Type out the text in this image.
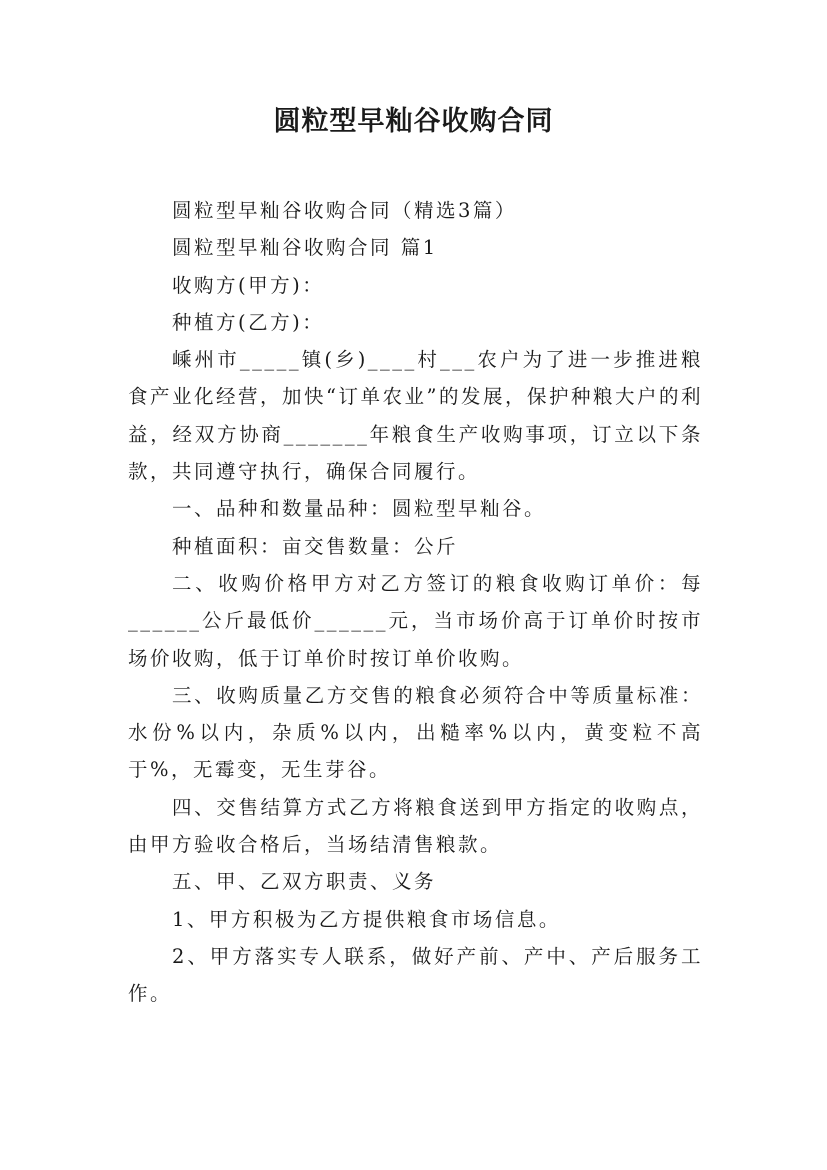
圆粒型早籼谷收购合同

圆粒型早籼谷收购合同（精选3篇）

圆粒型早籼谷收购合同 篇1

收购方(甲方)：

种植方(乙方)：

嵊州市_____镇(乡)____村___农户为了进一步推进粮食产业化经营，加快“订单农业”的发展，保护种粮大户的利益，经双方协商_______年粮食生产收购事项，订立以下条款，共同遵守执行，确保合同履行。

一、品种和数量品种：圆粒型早籼谷。

种植面积：亩交售数量：公斤

二、收购价格甲方对乙方签订的粮食收购订单价：每______公斤最低价______元，当市场价高于订单价时按市场价收购，低于订单价时按订单价收购。

三、收购质量乙方交售的粮食必须符合中等质量标准：水份%以内，杂质%以内，出糙率%以内，黄变粒不高于%，无霉变，无生芽谷。

四、交售结算方式乙方将粮食送到甲方指定的收购点，由甲方验收合格后，当场结清售粮款。

五、甲、乙双方职责、义务

1、甲方积极为乙方提供粮食市场信息。

2、甲方落实专人联系，做好产前、产中、产后服务工作。
